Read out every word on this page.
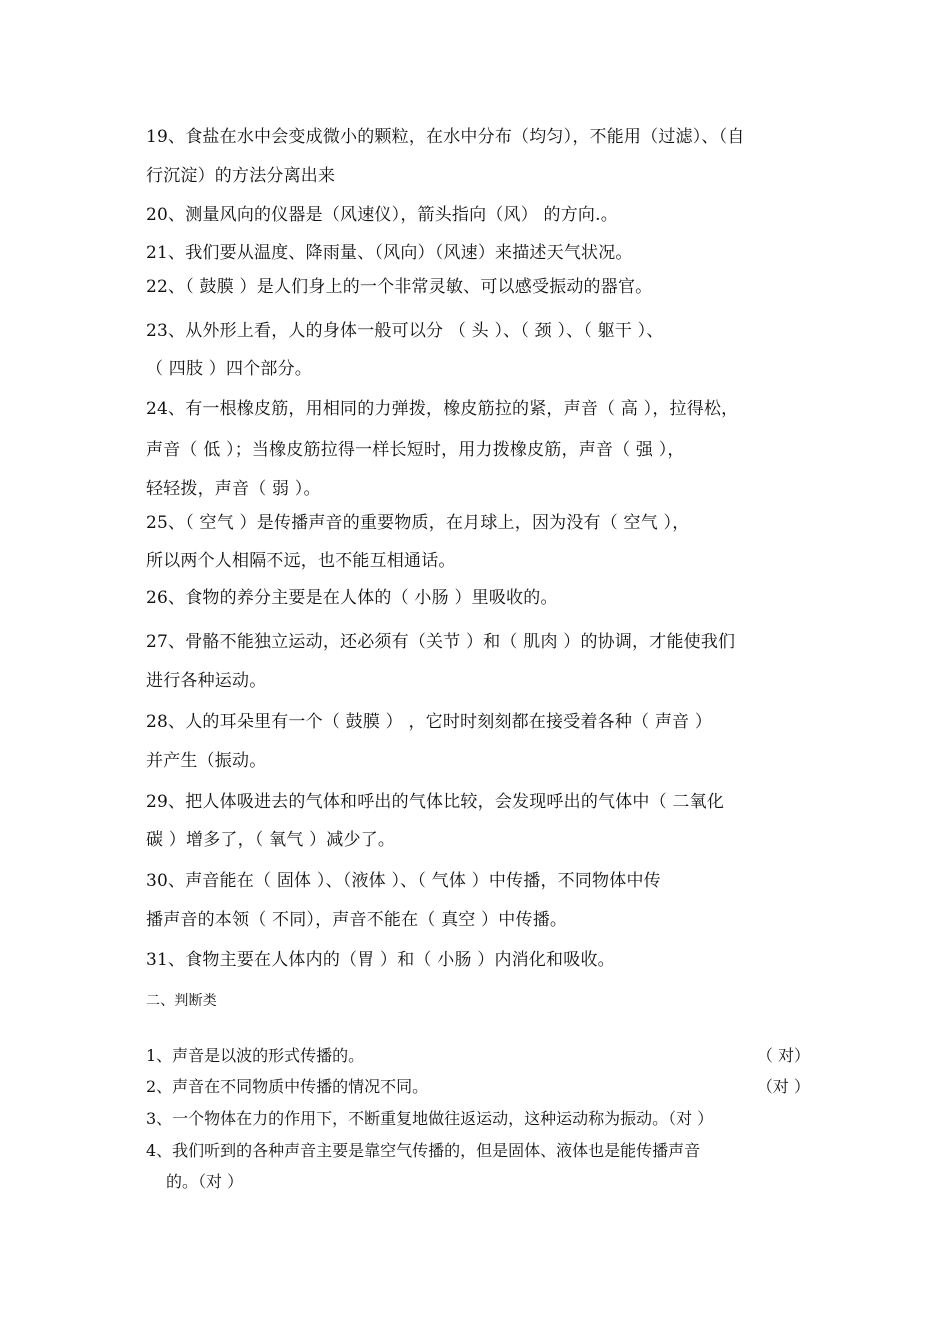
19、食盐在水中会变成微小的颗粒，在水中分布（均匀），不能用（过滤）、（自
行沉淀）的方法分离出来
20、测量风向的仪器是（风速仪），箭头指向（风） 的方向.。
21、我们要从温度、降雨量、（风向）（风速）来描述天气状况。
22、（ 鼓膜 ）是人们身上的一个非常灵敏、可以感受振动的器官。
23、从外形上看，人的身体一般可以分 （ 头 ）、（ 颈 ）、（ 躯干 ）、
（ 四肢 ）四个部分。
24、有一根橡皮筋，用相同的力弹拨，橡皮筋拉的紧，声音（ 高 ），拉得松，
声音（ 低 ）；当橡皮筋拉得一样长短时，用力拨橡皮筋，声音（ 强 ），
轻轻拨，声音（ 弱 ）。
25、（ 空气 ）是传播声音的重要物质，在月球上，因为没有（ 空气 ），
所以两个人相隔不远，也不能互相通话。
26、食物的养分主要是在人体的（ 小肠 ）里吸收的。
27、骨骼不能独立运动，还必须有（关节 ）和（ 肌肉 ）的协调，才能使我们
进行各种运动。
28、人的耳朵里有一个（ 鼓膜 ） ，它时时刻刻都在接受着各种（ 声音 ）
并产生（振动。
29、把人体吸进去的气体和呼出的气体比较，会发现呼出的气体中（ 二氧化
碳 ）增多了，（ 氧气 ）减少了。
30、声音能在（ 固体 ）、（液体 ）、（ 气体 ）中传播，不同物体中传
播声音的本领（ 不同），声音不能在（ 真空 ）中传播。
31、食物主要在人体内的（胃 ）和（ 小肠 ）内消化和吸收。
二、判断类
1、声音是以波的形式传播的。	（ 对）
2、声音在不同物质中传播的情况不同。	（对 ）
3、一个物体在力的作用下，不断重复地做往返运动，这种运动称为振动。（对 ）
4、我们听到的各种声音主要是靠空气传播的，但是固体、液体也是能传播声音
的。（对 ）
